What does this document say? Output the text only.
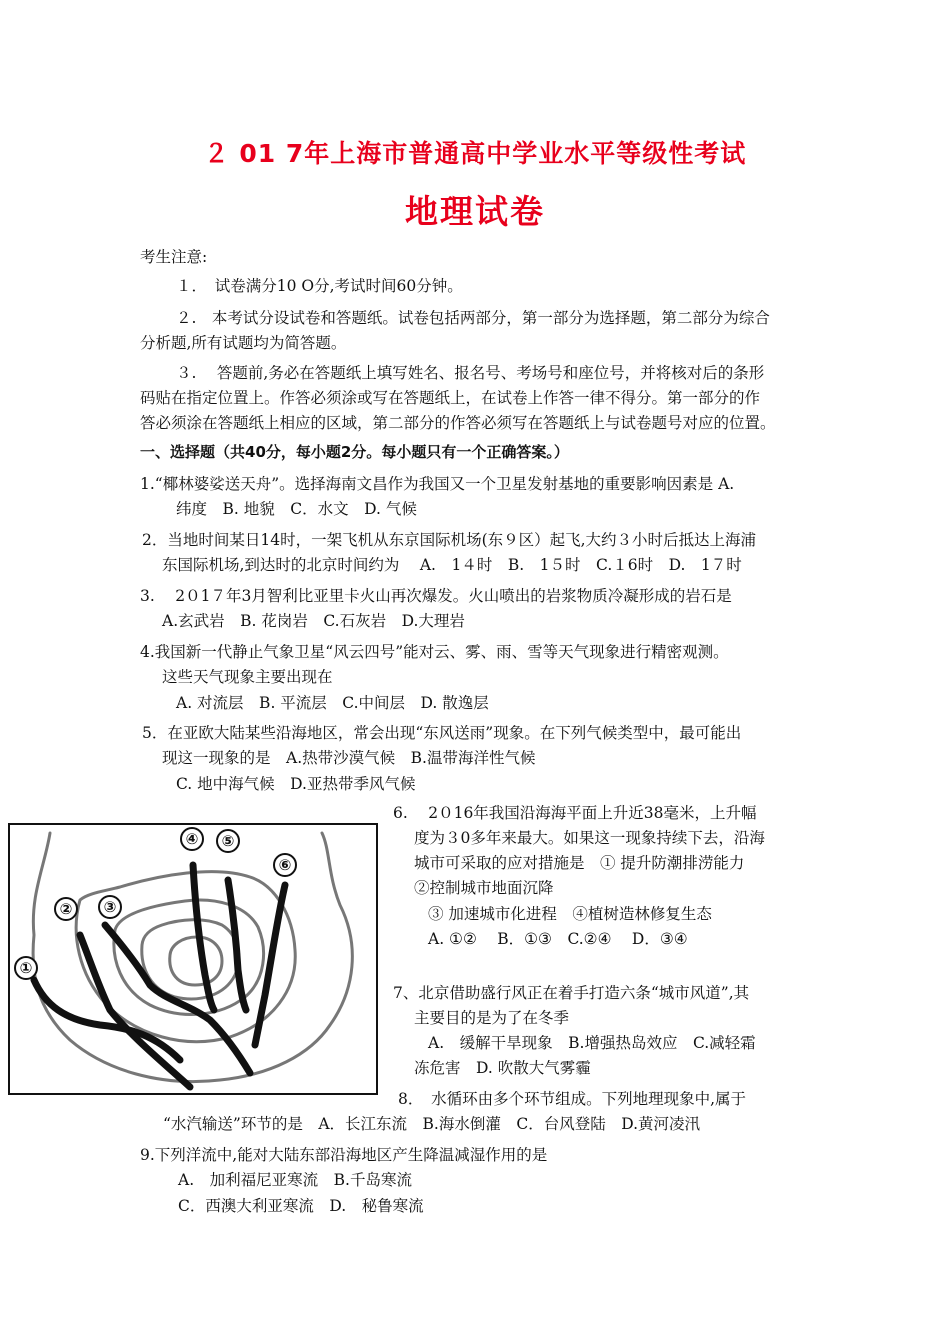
２ 01 7年上海市普通高中学业水平等级性考试
地理试卷
考生注意:
１．　试卷满分10 O分,考试时间60分钟。
２.　本考试分设试卷和答题纸。试卷包括两部分，第一部分为选择题，第二部分为综合
分析题,所有试题均为简答题。
３.　 答题前,务必在答题纸上填写姓名、报名号、考场号和座位号，并将核对后的条形
码贴在指定位置上。作答必须涂或写在答题纸上，在试卷上作答一律不得分。第一部分的作
答必须涂在答题纸上相应的区域，第二部分的作答必须写在答题纸上与试卷题号对应的位置。
一、选择题（共40分，每小题2分。每小题只有一个正确答案。）
1.“椰林婆娑送天舟”。选择海南文昌作为我国又一个卫星发射基地的重要影响因素是 A.
纬度　B. 地貌　C．水文　D. 气候
2．当地时间某日14时，一架飞机从东京国际机场(东９区）起飞,大约３小时后抵达上海浦
东国际机场,到达时的北京时间约为 　A.　1４时　B.　1５时　C.１6时　D.　1７时
3.　 2０1７年3月智利比亚里卡火山再次爆发。火山喷出的岩浆物质冷凝形成的岩石是
A.玄武岩　B. 花岗岩　C.石灰岩　D.大理岩
4.我国新一代静止气象卫星“风云四号”能对云、雾、雨、雪等天气现象进行精密观测。
这些天气现象主要出现在
A. 对流层　B. 平流层　C.中间层　D. 散逸层
5．在亚欧大陆某些沿海地区，常会出现“东风送雨”现象。在下列气候类型中，最可能出
现这一现象的是　A.热带沙漠气候　B.温带海洋性气候
C. 地中海气候　D.亚热带季风气候
①
② ③
④ ⑤
⑥
6.　 2０16年我国沿海海平面上升近38毫米，上升幅
度为３0多年来最大。如果这一现象持续下去，沿海
城市可采取的应对措施是　① 提升防潮排涝能力
②控制城市地面沉降
③ 加速城市化进程　④植树造林修复生态
A. ①②　 B．①③　C.②④　 D．③④
7、北京借助盛行风正在着手打造六条“城市风道”,其
主要目的是为了在冬季
A.　缓解干旱现象　B.增强热岛效应　C.减轻霜
冻危害　D. 吹散大气雾霾
8．　水循环由多个环节组成。下列地理现象中,属于
“水汽输送”环节的是　A．长江东流　B.海水倒灌　C．台风登陆　D.黄河凌汛
9.下列洋流中,能对大陆东部沿海地区产生降温减湿作用的是
A.　加利福尼亚寒流　B.千岛寒流
C．西澳大利亚寒流　D.　秘鲁寒流
